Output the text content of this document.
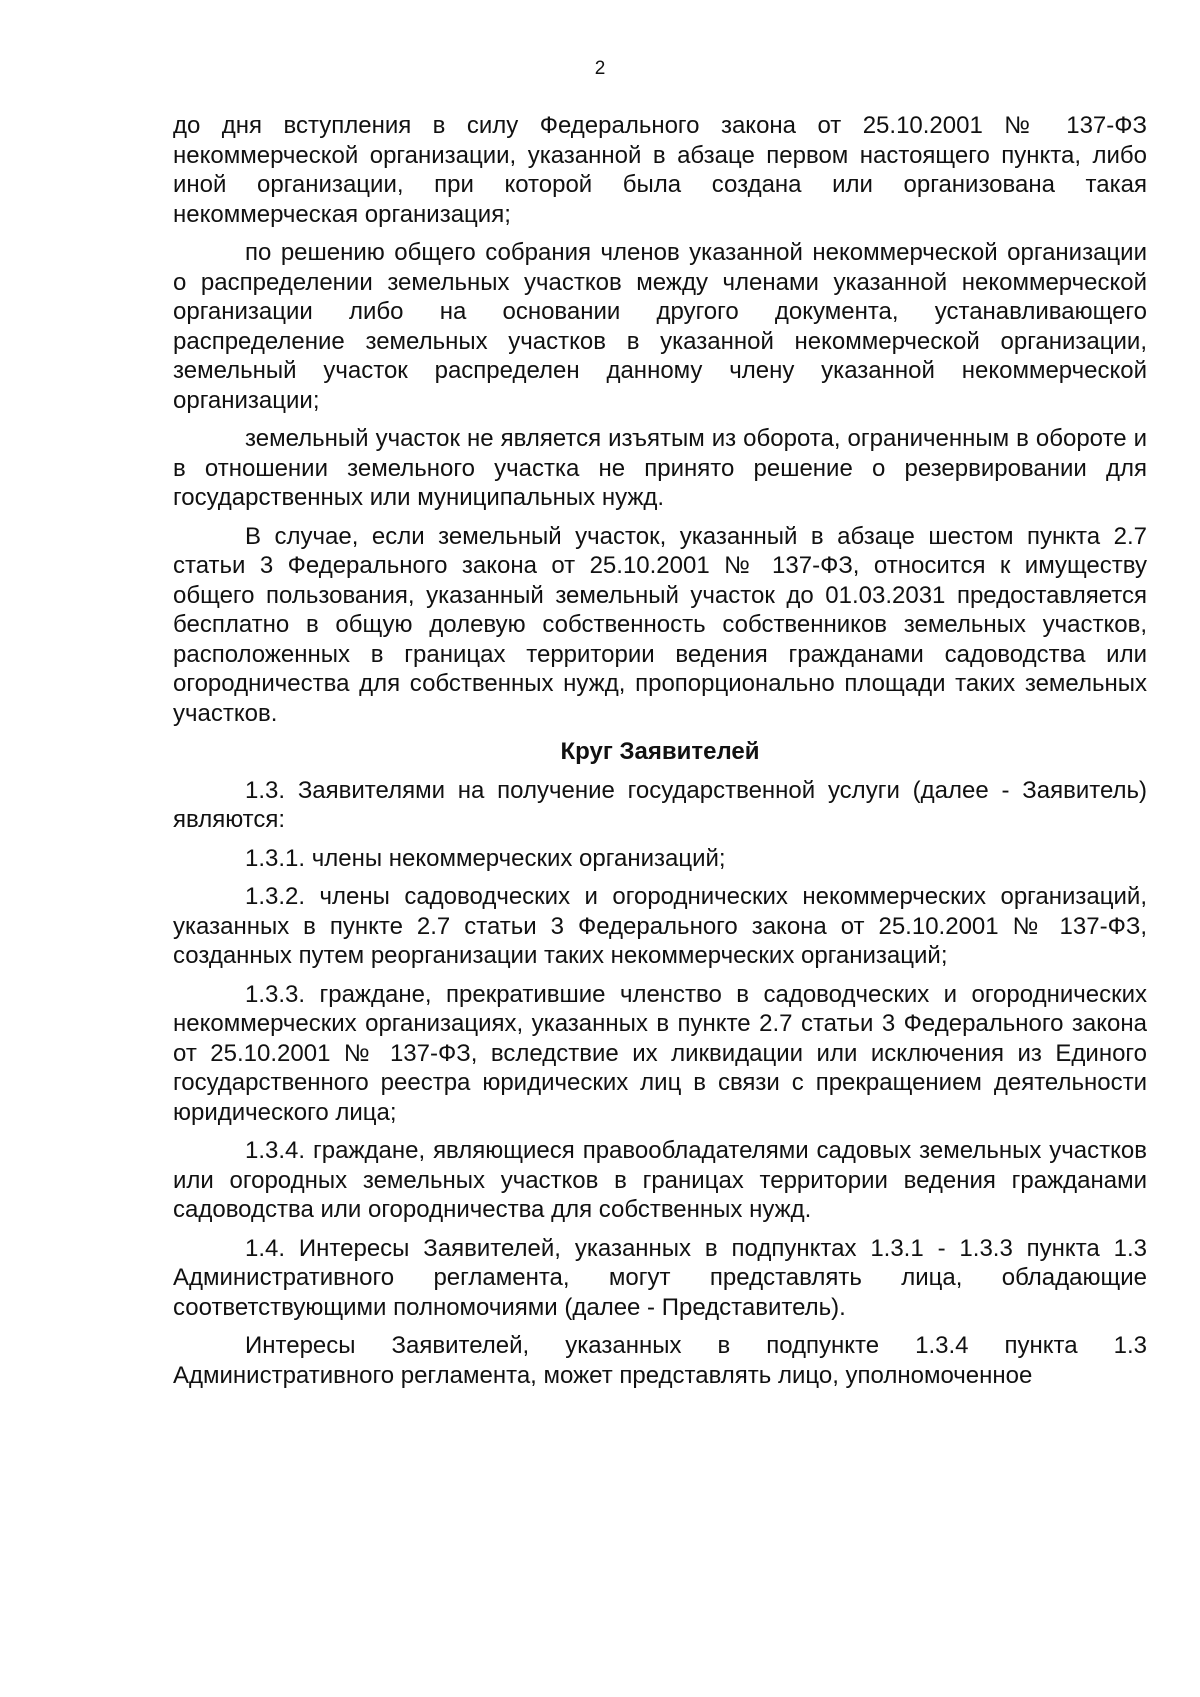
2

до дня вступления в силу Федерального закона от 25.10.2001 № 137-ФЗ некоммерческой организации, указанной в абзаце первом настоящего пункта, либо иной организации, при которой была создана или организована такая некоммерческая организация;

по решению общего собрания членов указанной некоммерческой организации о распределении земельных участков между членами указанной некоммерческой организации либо на основании другого документа, устанавливающего распределение земельных участков в указанной некоммерческой организации, земельный участок распределен данному члену указанной некоммерческой организации;

земельный участок не является изъятым из оборота, ограниченным в обороте и в отношении земельного участка не принято решение о резервировании для государственных или муниципальных нужд.

В случае, если земельный участок, указанный в абзаце шестом пункта 2.7 статьи 3 Федерального закона от 25.10.2001 № 137-ФЗ, относится к имуществу общего пользования, указанный земельный участок до 01.03.2031 предоставляется бесплатно в общую долевую собственность собственников земельных участков, расположенных в границах территории ведения гражданами садоводства или огородничества для собственных нужд, пропорционально площади таких земельных участков.

Круг Заявителей

1.3. Заявителями на получение государственной услуги (далее - Заявитель) являются:

1.3.1. члены некоммерческих организаций;

1.3.2. члены садоводческих и огороднических некоммерческих организаций, указанных в пункте 2.7 статьи 3 Федерального закона от 25.10.2001 № 137-ФЗ, созданных путем реорганизации таких некоммерческих организаций;

1.3.3. граждане, прекратившие членство в садоводческих и огороднических некоммерческих организациях, указанных в пункте 2.7 статьи 3 Федерального закона от 25.10.2001 № 137-ФЗ, вследствие их ликвидации или исключения из Единого государственного реестра юридических лиц в связи с прекращением деятельности юридического лица;

1.3.4. граждане, являющиеся правообладателями садовых земельных участков или огородных земельных участков в границах территории ведения гражданами садоводства или огородничества для собственных нужд.

1.4. Интересы Заявителей, указанных в подпунктах 1.3.1 - 1.3.3 пункта 1.3 Административного регламента, могут представлять лица, обладающие соответствующими полномочиями (далее - Представитель).

Интересы Заявителей, указанных в подпункте 1.3.4 пункта 1.3 Административного регламента, может представлять лицо, уполномоченное
